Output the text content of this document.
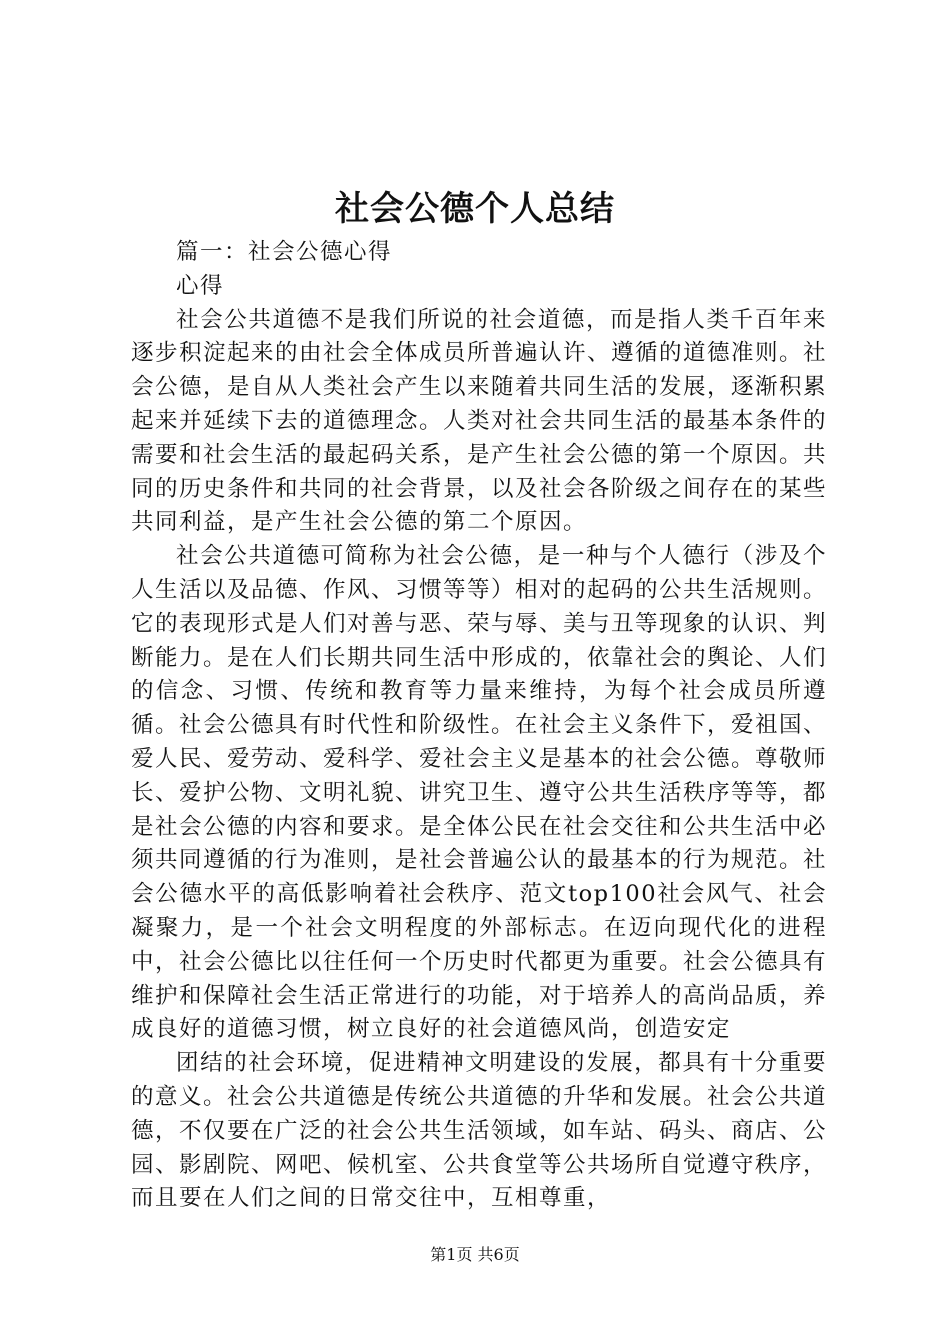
社会公德个人总结

篇一：社会公德心得

心得

社会公共道德不是我们所说的社会道德，而是指人类千百年来逐步积淀起来的由社会全体成员所普遍认许、遵循的道德准则。社会公德，是自从人类社会产生以来随着共同生活的发展，逐渐积累起来并延续下去的道德理念。人类对社会共同生活的最基本条件的需要和社会生活的最起码关系，是产生社会公德的第一个原因。共同的历史条件和共同的社会背景，以及社会各阶级之间存在的某些共同利益，是产生社会公德的第二个原因。

社会公共道德可简称为社会公德，是一种与个人德行（涉及个人生活以及品德、作风、习惯等等）相对的起码的公共生活规则。它的表现形式是人们对善与恶、荣与辱、美与丑等现象的认识、判断能力。是在人们长期共同生活中形成的，依靠社会的舆论、人们的信念、习惯、传统和教育等力量来维持，为每个社会成员所遵循。社会公德具有时代性和阶级性。在社会主义条件下，爱祖国、爱人民、爱劳动、爱科学、爱社会主义是基本的社会公德。尊敬师长、爱护公物、文明礼貌、讲究卫生、遵守公共生活秩序等等，都是社会公德的内容和要求。是全体公民在社会交往和公共生活中必须共同遵循的行为准则，是社会普遍公认的最基本的行为规范。社会公德水平的高低影响着社会秩序、范文top100社会风气、社会凝聚力，是一个社会文明程度的外部标志。在迈向现代化的进程中，社会公德比以往任何一个历史时代都更为重要。社会公德具有维护和保障社会生活正常进行的功能，对于培养人的高尚品质，养成良好的道德习惯，树立良好的社会道德风尚，创造安定

团结的社会环境，促进精神文明建设的发展，都具有十分重要的意义。社会公共道德是传统公共道德的升华和发展。社会公共道德，不仅要在广泛的社会公共生活领域，如车站、码头、商店、公园、影剧院、网吧、候机室、公共食堂等公共场所自觉遵守秩序，而且要在人们之间的日常交往中，互相尊重，

第1页 共6页
